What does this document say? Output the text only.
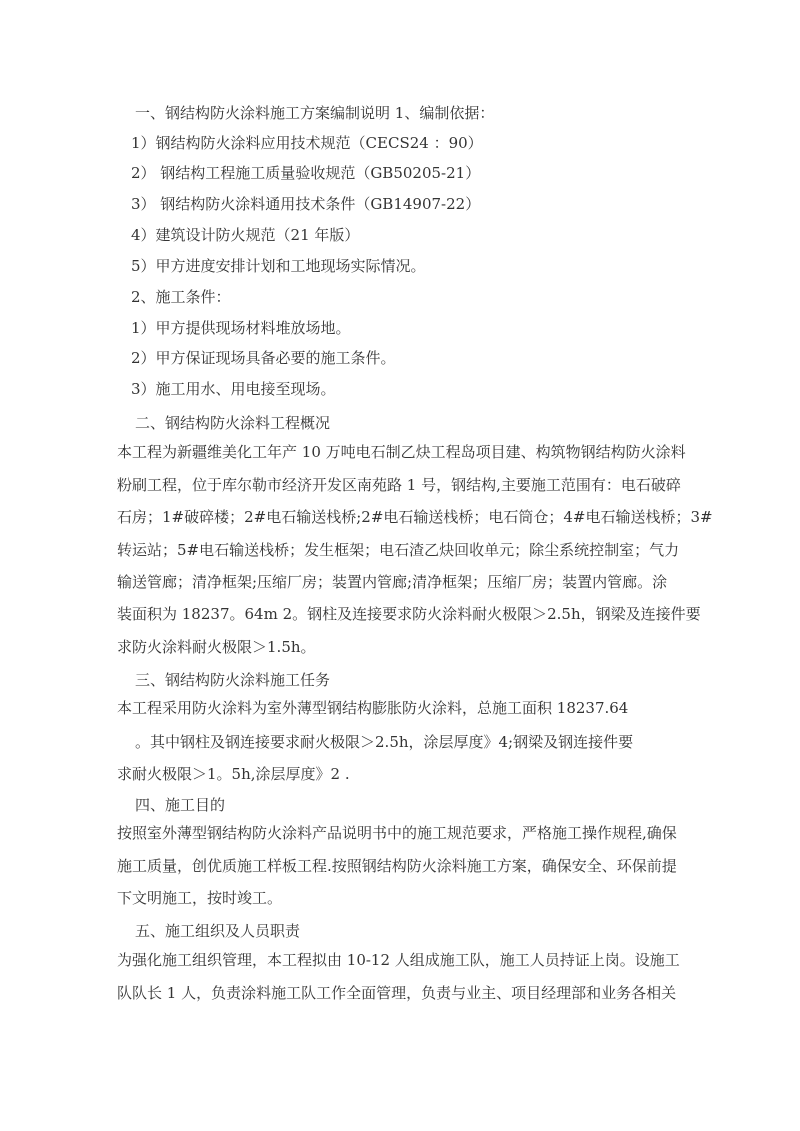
一、钢结构防火涂料施工方案编制说明 1、编制依据：
1）钢结构防火涂料应用技术规范（CECS24 ：90）
2） 钢结构工程施工质量验收规范（GB50205-21）
3） 钢结构防火涂料通用技术条件（GB14907-22）
4）建筑设计防火规范（21 年版）
5）甲方进度安排计划和工地现场实际情况。
2、施工条件：
1）甲方提供现场材料堆放场地。
2）甲方保证现场具备必要的施工条件。
3）施工用水、用电接至现场。
二、钢结构防火涂料工程概况
本工程为新疆维美化工年产 10 万吨电石制乙炔工程岛项目建、构筑物钢结构防火涂料
粉刷工程，位于库尔勒市经济开发区南苑路 1 号，钢结构,主要施工范围有：电石破碎
石房；1#破碎楼；2#电石输送栈桥;2#电石输送栈桥；电石筒仓；4#电石输送栈桥；3#
转运站；5#电石输送栈桥；发生框架；电石渣乙炔回收单元；除尘系统控制室；气力
输送管廊；清净框架;压缩厂房；装置内管廊;清净框架；压缩厂房；装置内管廊。涂
装面积为 18237。64m 2。钢柱及连接要求防火涂料耐火极限＞2.5h，钢梁及连接件要
求防火涂料耐火极限＞1.5h。
三、钢结构防火涂料施工任务
本工程采用防火涂料为室外薄型钢结构膨胀防火涂料，总施工面积 18237.64
。其中钢柱及钢连接要求耐火极限＞2.5h，涂层厚度》4;钢梁及钢连接件要
求耐火极限＞1。5h,涂层厚度》2 .
四、施工目的
按照室外薄型钢结构防火涂料产品说明书中的施工规范要求，严格施工操作规程,确保
施工质量，创优质施工样板工程.按照钢结构防火涂料施工方案，确保安全、环保前提
下文明施工，按时竣工。
五、施工组织及人员职责
为强化施工组织管理，本工程拟由 10-12 人组成施工队，施工人员持证上岗。设施工
队队长 1 人，负责涂料施工队工作全面管理，负责与业主、项目经理部和业务各相关
